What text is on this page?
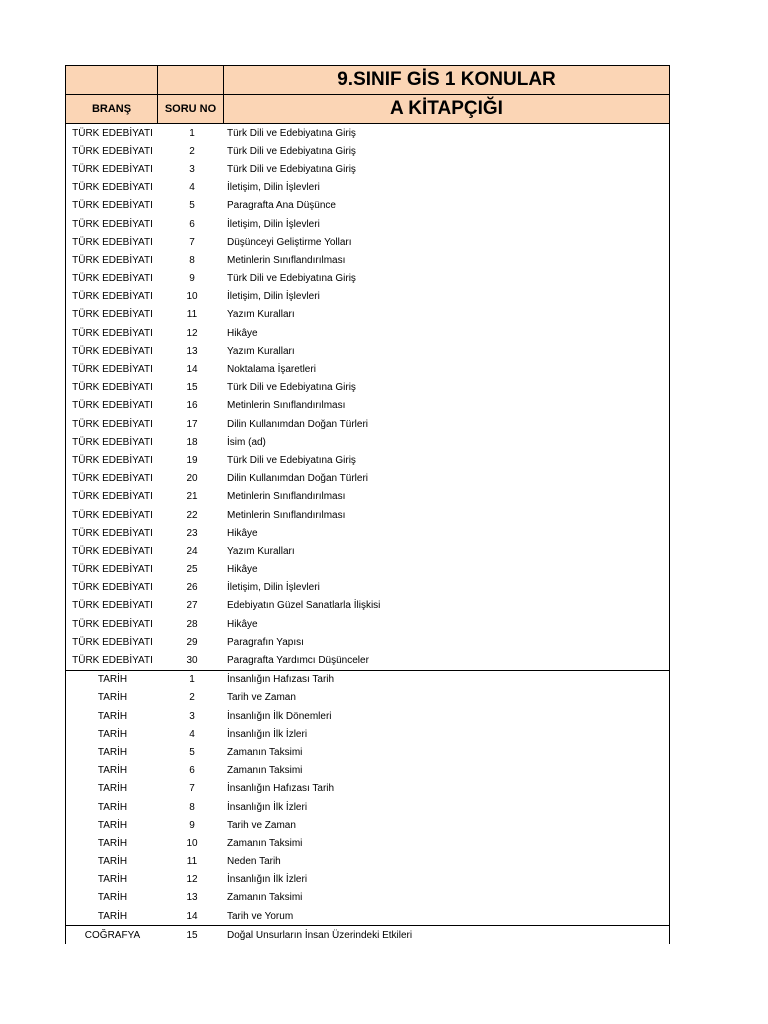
9.SINIF GİS 1 KONULAR
BRANŞ	SORU NO	A KİTAPÇIĞI
TÜRK EDEBİYATI	1	Türk Dili ve Edebiyatına Giriş
TÜRK EDEBİYATI	2	Türk Dili ve Edebiyatına Giriş
TÜRK EDEBİYATI	3	Türk Dili ve Edebiyatına Giriş
TÜRK EDEBİYATI	4	İletişim, Dilin İşlevleri
TÜRK EDEBİYATI	5	Paragrafta Ana Düşünce
TÜRK EDEBİYATI	6	İletişim, Dilin İşlevleri
TÜRK EDEBİYATI	7	Düşünceyi Geliştirme Yolları
TÜRK EDEBİYATI	8	Metinlerin Sınıflandırılması
TÜRK EDEBİYATI	9	Türk Dili ve Edebiyatına Giriş
TÜRK EDEBİYATI	10	İletişim, Dilin İşlevleri
TÜRK EDEBİYATI	11	Yazım Kuralları
TÜRK EDEBİYATI	12	Hikâye
TÜRK EDEBİYATI	13	Yazım Kuralları
TÜRK EDEBİYATI	14	Noktalama İşaretleri
TÜRK EDEBİYATI	15	Türk Dili ve Edebiyatına Giriş
TÜRK EDEBİYATI	16	Metinlerin Sınıflandırılması
TÜRK EDEBİYATI	17	Dilin Kullanımdan Doğan Türleri
TÜRK EDEBİYATI	18	İsim (ad)
TÜRK EDEBİYATI	19	Türk Dili ve Edebiyatına Giriş
TÜRK EDEBİYATI	20	Dilin Kullanımdan Doğan Türleri
TÜRK EDEBİYATI	21	Metinlerin Sınıflandırılması
TÜRK EDEBİYATI	22	Metinlerin Sınıflandırılması
TÜRK EDEBİYATI	23	Hikâye
TÜRK EDEBİYATI	24	Yazım Kuralları
TÜRK EDEBİYATI	25	Hikâye
TÜRK EDEBİYATI	26	İletişim, Dilin İşlevleri
TÜRK EDEBİYATI	27	Edebiyatın Güzel Sanatlarla İlişkisi
TÜRK EDEBİYATI	28	Hikâye
TÜRK EDEBİYATI	29	Paragrafın Yapısı
TÜRK EDEBİYATI	30	Paragrafta Yardımcı Düşünceler
TARİH	1	İnsanlığın Hafızası Tarih
TARİH	2	Tarih ve Zaman
TARİH	3	İnsanlığın İlk Dönemleri
TARİH	4	İnsanlığın İlk İzleri
TARİH	5	Zamanın Taksimi
TARİH	6	Zamanın Taksimi
TARİH	7	İnsanlığın Hafızası Tarih
TARİH	8	İnsanlığın İlk İzleri
TARİH	9	Tarih ve Zaman
TARİH	10	Zamanın Taksimi
TARİH	11	Neden Tarih
TARİH	12	İnsanlığın İlk İzleri
TARİH	13	Zamanın Taksimi
TARİH	14	Tarih ve Yorum
COĞRAFYA	15	Doğal Unsurların İnsan Üzerindeki Etkileri
